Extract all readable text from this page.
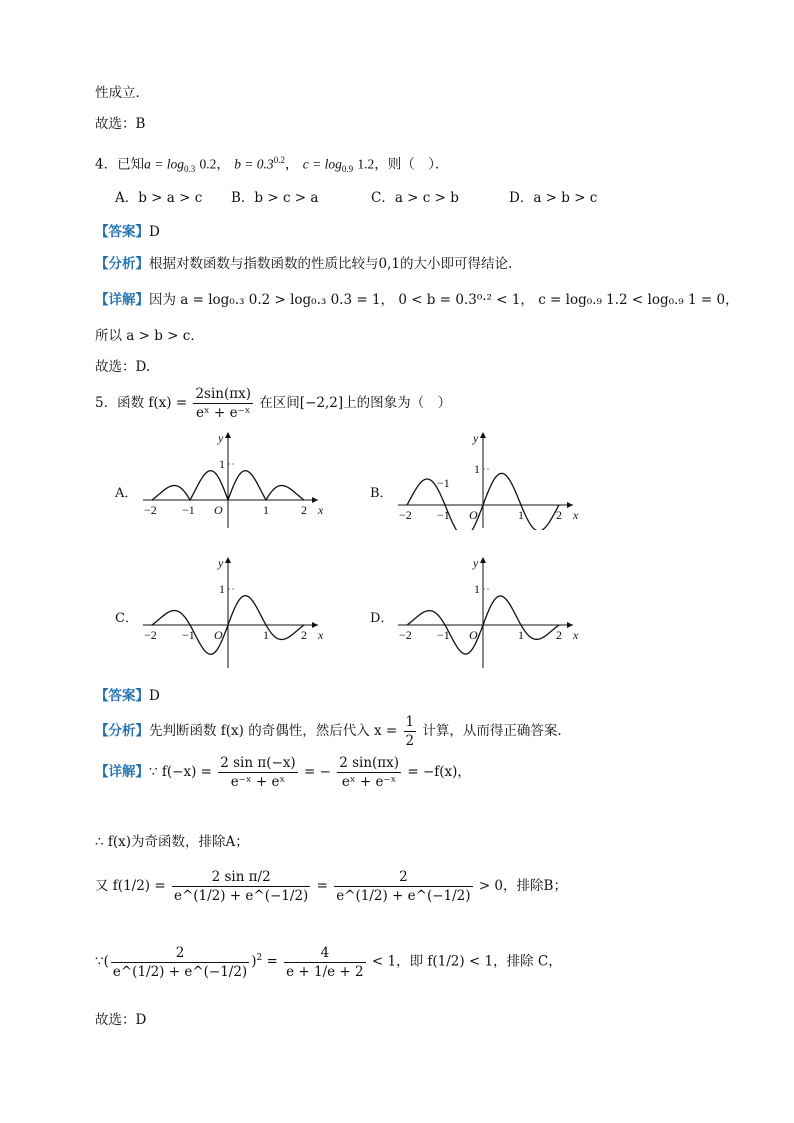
性成立．
故选：B
4．已知$a = \log_{0.3} 0.2$， $b = 0.3^{0.2}$， $c = \log_{0.9} 1.2$，则（　）．
A．b > a > c B．b > c > a	C．a > c > b	D．a > b > c
【答案】D
【分析】根据对数函数与指数函数的性质比较与0,1的大小即可得结论.
【详解】因为 a = log₀.₃ 0.2 > log₀.₃ 0.3 = 1， 0 < b = 0.3⁰·² < 1， c = log₀.₉ 1.2 < log₀.₉ 1 = 0，
所以 a > b > c．
故选：D.
5．函数 $f(x) = \frac{2\sin(\pi x)}{\text{eˣ + e⁻ˣ}}$ 在区间[−2,2]上的图象为（　）
A．	B．
C．	D．
y
1
O
−2 −1	1	2 x
y
1
O
−2 −1	1	2 x
−1
y
1
O
−2 −1	1	2 x
y
1
O
−2 −1	1	2 x
【答案】D
【分析】先判断函数 f(x) 的奇偶性，然后代入 $x = \frac{1}{2}$ 计算，从而得正确答案.
【详解】∵ $f(-x) = \frac{\text{2 sin π(−x)}}{\text{e⁻ˣ + eˣ}}$ = − $\frac{2 \sin(\pi x)}{\text{eˣ + e⁻ˣ}} = -f(x)$，
∴ f(x)为奇函数，排除A；
又 $f(1/2) = \frac{\text{2 sin π/2}}{e\^{}(1/2) + e\^{}(-1/2)} = \frac{2}{e\^{}(1/2) + e\^{}(-1/2)} > 0$，排除B；
∵( $\frac{2}{e\^{}(1/2) + e\^{}(-1/2)} )^2 = \frac{4}{e + 1/e + 2} < 1$，即 f(1/2) < 1，排除 C，
故选：D
